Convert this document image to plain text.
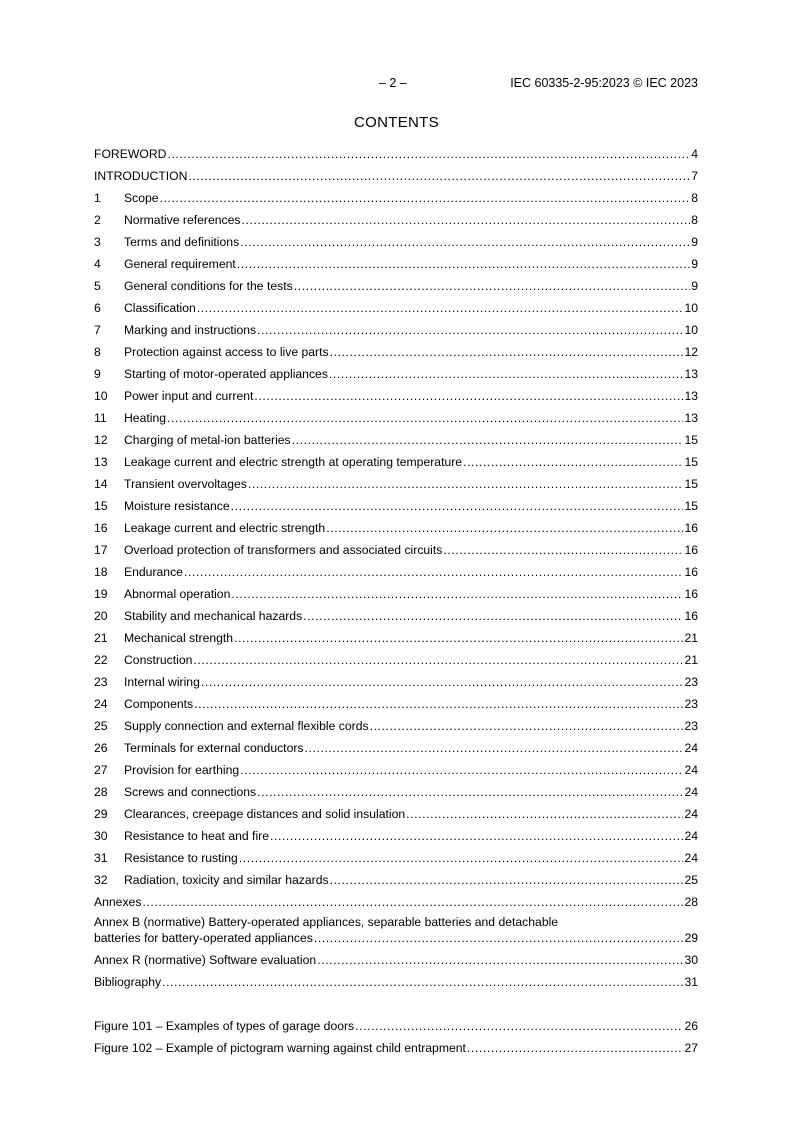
– 2 –	IEC 60335-2-95:2023 © IEC 2023
CONTENTS
FOREWORD .....	4
INTRODUCTION .....	7
1	Scope .....	8
2	Normative references .....	8
3	Terms and definitions .....	9
4	General requirement .....	9
5	General conditions for the tests .....	9
6	Classification .....	10
7	Marking and instructions .....	10
8	Protection against access to live parts .....	12
9	Starting of motor-operated appliances .....	13
10	Power input and current .....	13
11	Heating .....	13
12	Charging of metal-ion batteries .....	15
13	Leakage current and electric strength at operating temperature .....	15
14	Transient overvoltages .....	15
15	Moisture resistance .....	15
16	Leakage current and electric strength .....	16
17	Overload protection of transformers and associated circuits .....	16
18	Endurance .....	16
19	Abnormal operation .....	16
20	Stability and mechanical hazards .....	16
21	Mechanical strength .....	21
22	Construction .....	21
23	Internal wiring .....	23
24	Components .....	23
25	Supply connection and external flexible cords .....	23
26	Terminals for external conductors .....	24
27	Provision for earthing .....	24
28	Screws and connections .....	24
29	Clearances, creepage distances and solid insulation .....	24
30	Resistance to heat and fire .....	24
31	Resistance to rusting .....	24
32	Radiation, toxicity and similar hazards .....	25
Annexes .....	28
Annex B (normative) Battery-operated appliances, separable batteries and detachable
batteries for battery-operated appliances .....	29
Annex R (normative) Software evaluation .....	30
Bibliography .....	31
Figure 101 – Examples of types of garage doors .....	26
Figure 102 – Example of pictogram warning against child entrapment .....	27
